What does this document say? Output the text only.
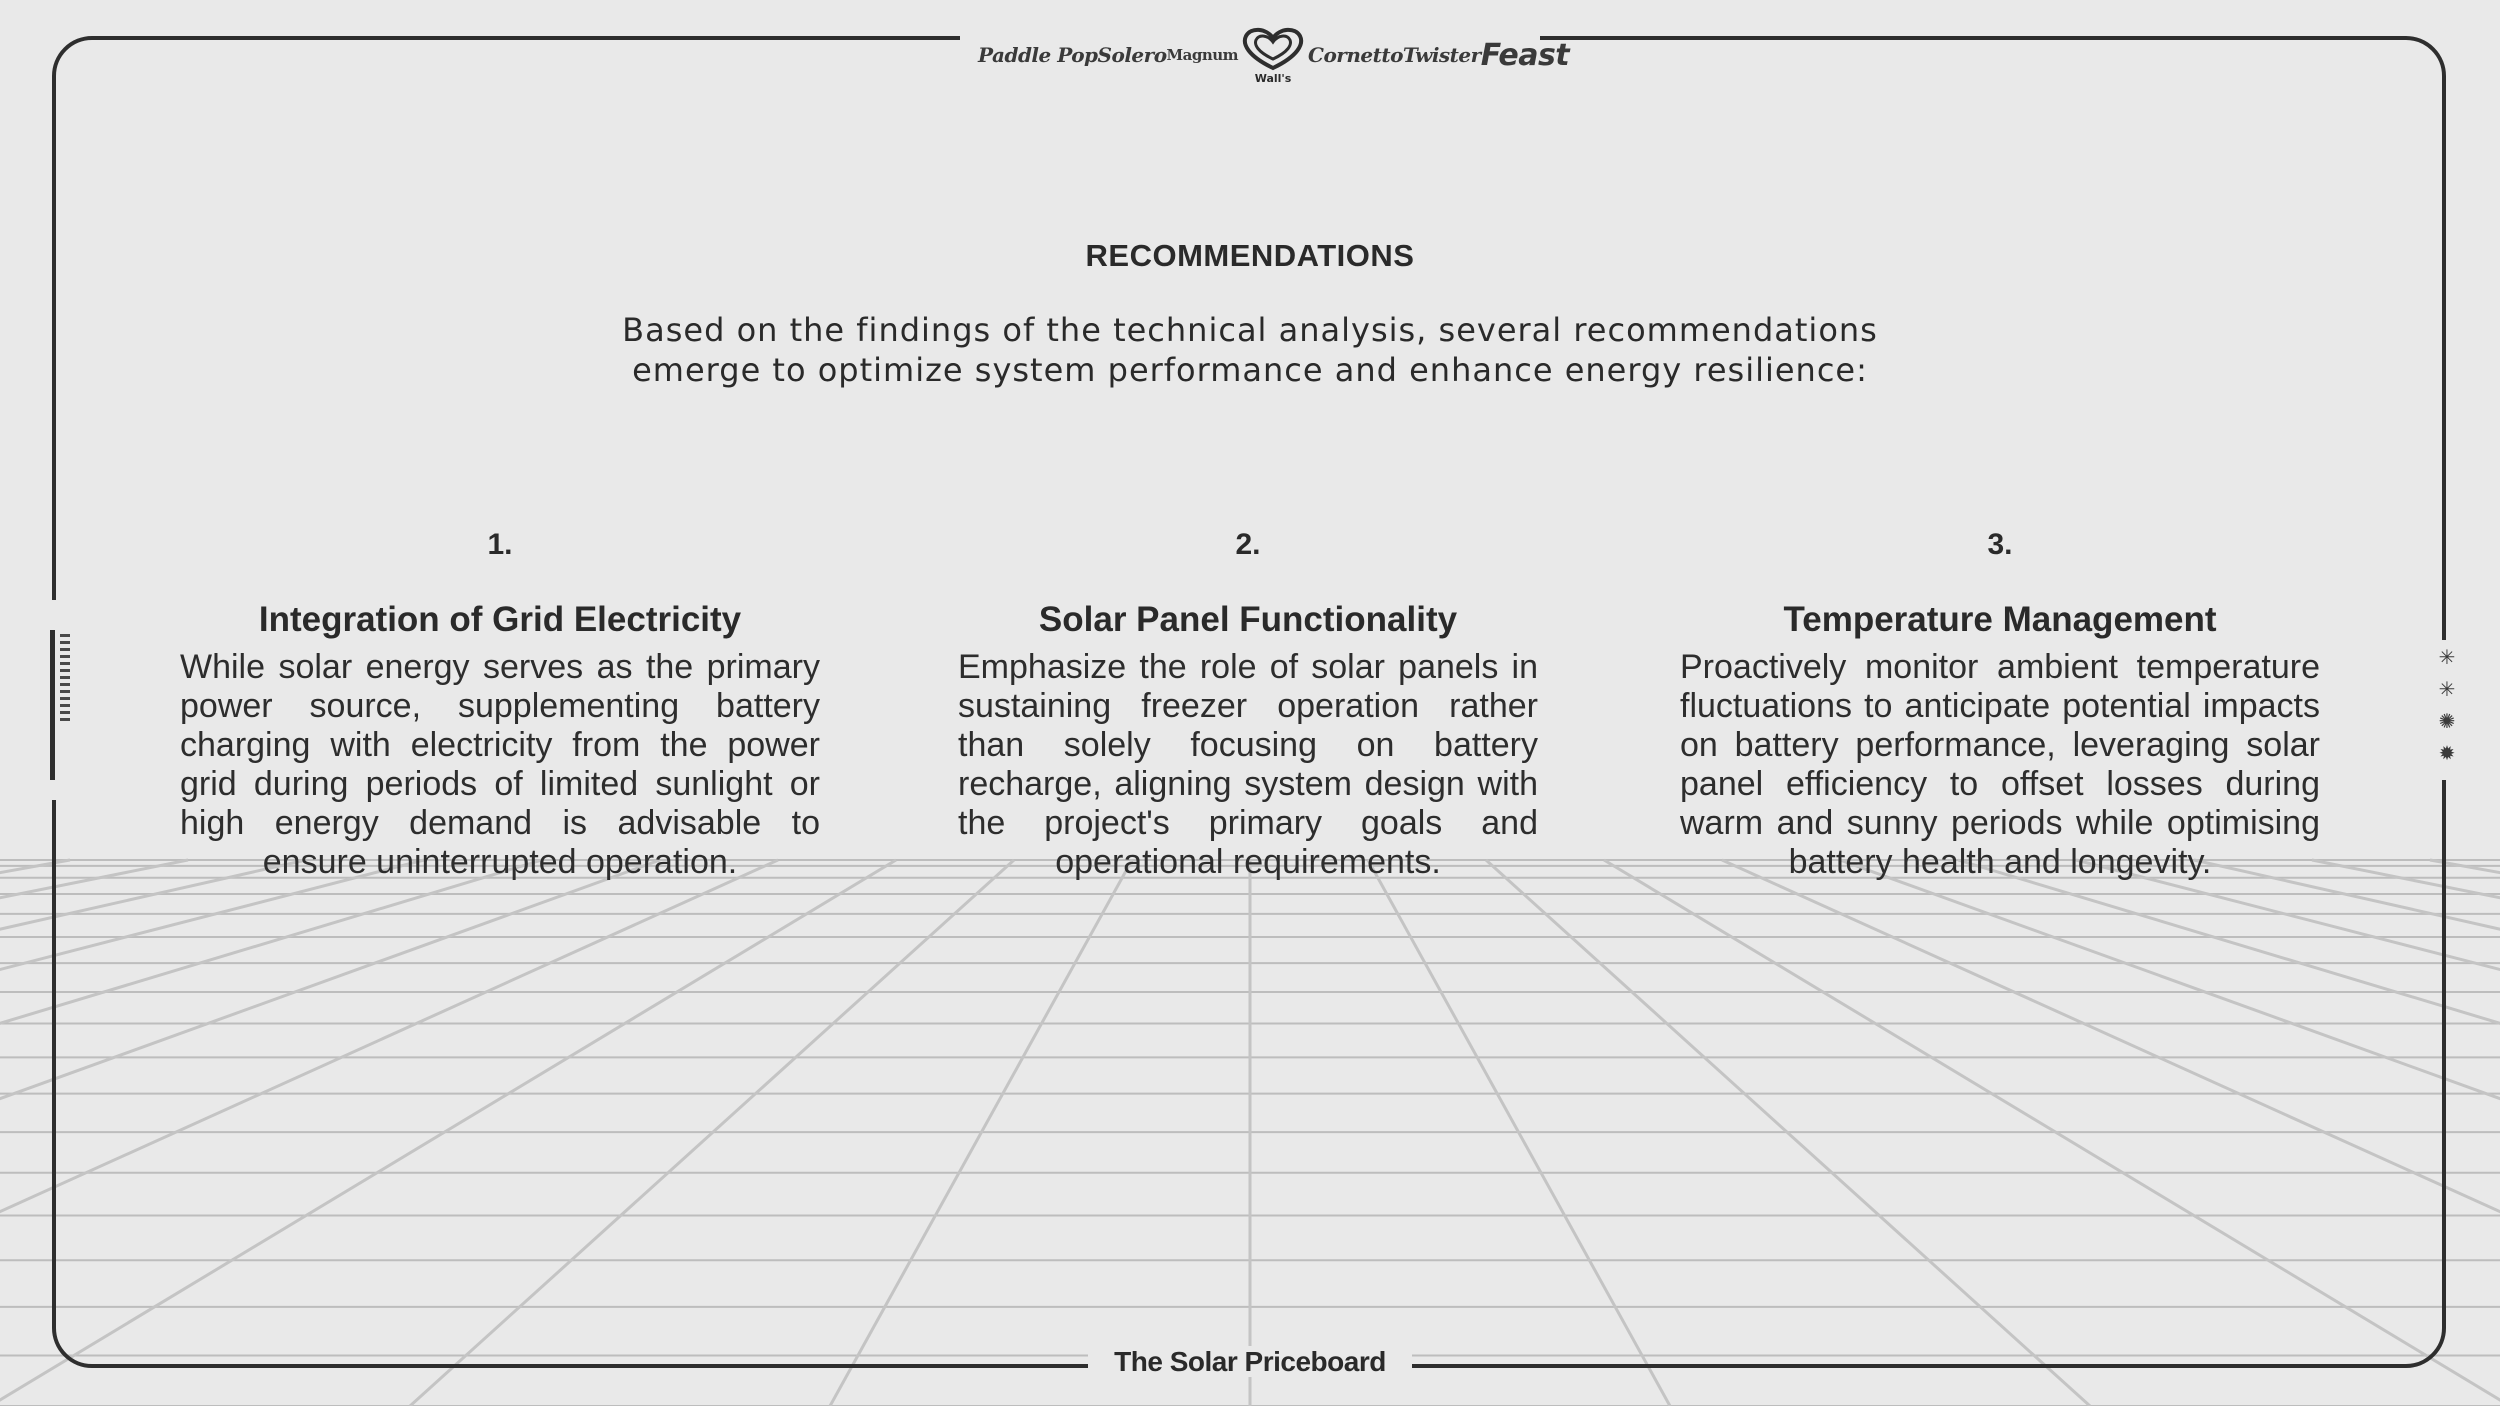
Paddle Pop Solero Magnum
Wall's
Cornetto Twister Feast
✳
✳
✺
✹
RECOMMENDATIONS
Based on the findings of the technical analysis, several recommendations
emerge to optimize system performance and enhance energy resilience:
1.
Integration of Grid Electricity
While solar energy serves as the primary power source, supplementing battery charging with electricity from the power grid during periods of limited sunlight or high energy demand is advisable to ensure uninterrupted operation.
2.
Solar Panel Functionality
Emphasize the role of solar panels in sustaining freezer operation rather than solely focusing on battery recharge, aligning system design with the project's primary goals and operational requirements.
3.
Temperature Management
Proactively monitor ambient temperature fluctuations to anticipate potential impacts on battery performance, leveraging solar panel efficiency to offset losses during warm and sunny periods while optimising battery health and longevity.
The Solar Priceboard
